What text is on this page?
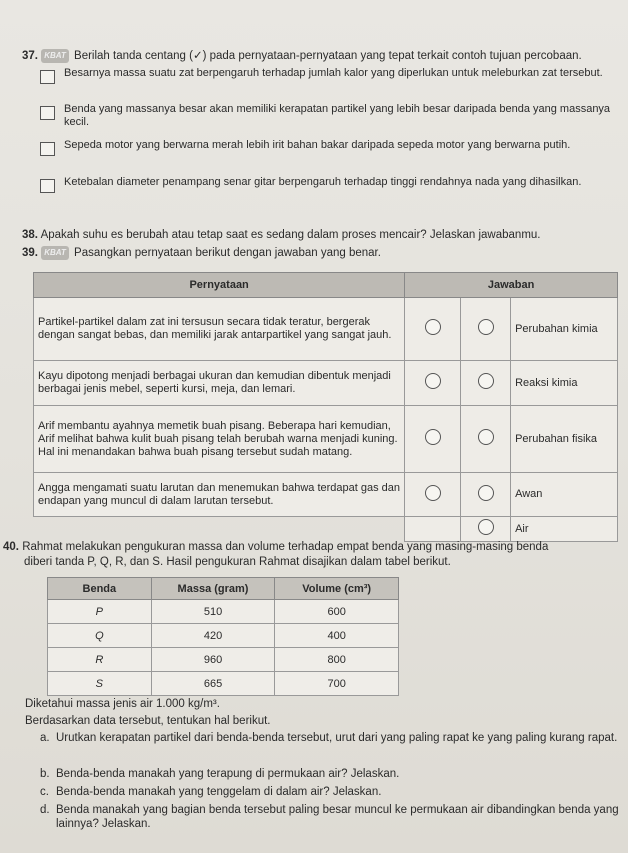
37. KBAT Berilah tanda centang (✓) pada pernyataan-pernyataan yang tepat terkait contoh tujuan percobaan.
Besarnya massa suatu zat berpengaruh terhadap jumlah kalor yang diperlukan untuk meleburkan zat tersebut.
Benda yang massanya besar akan memiliki kerapatan partikel yang lebih besar daripada benda yang massanya kecil.
Sepeda motor yang berwarna merah lebih irit bahan bakar daripada sepeda motor yang berwarna putih.
Ketebalan diameter penampang senar gitar berpengaruh terhadap tinggi rendahnya nada yang dihasilkan.
38. Apakah suhu es berubah atau tetap saat es sedang dalam proses mencair? Jelaskan jawabanmu.
39. KBAT Pasangkan pernyataan berikut dengan jawaban yang benar.
Pernyataan	Jawaban		
Partikel-partikel dalam zat ini tersusun secara tidak teratur, bergerak dengan sangat bebas, dan memiliki jarak antarpartikel yang sangat jauh.			Perubahan kimia
Kayu dipotong menjadi berbagai ukuran dan kemudian dibentuk menjadi berbagai jenis mebel, seperti kursi, meja, dan lemari.			Reaksi kimia
Arif membantu ayahnya memetik buah pisang. Beberapa hari kemudian, Arif melihat bahwa kulit buah pisang telah berubah warna menjadi kuning. Hal ini menandakan bahwa buah pisang tersebut sudah matang.			Perubahan fisika
Angga mengamati suatu larutan dan menemukan bahwa terdapat gas dan endapan yang muncul di dalam larutan tersebut.			Awan
			Air
40. Rahmat melakukan pengukuran massa dan volume terhadap empat benda yang masing-masing benda
diberi tanda P, Q, R, dan S. Hasil pengukuran Rahmat disajikan dalam tabel berikut.
Benda	Massa (gram)	Volume (cm³)
P	510	600
Q	420	400
R	960	800
S	665	700
Diketahui massa jenis air 1.000 kg/m³.
Berdasarkan data tersebut, tentukan hal berikut.
a. Urutkan kerapatan partikel dari benda-benda tersebut, urut dari yang paling rapat ke yang paling kurang rapat.
b. Benda-benda manakah yang terapung di permukaan air? Jelaskan.
c. Benda-benda manakah yang tenggelam di dalam air? Jelaskan.
d. Benda manakah yang bagian benda tersebut paling besar muncul ke permukaan air dibandingkan benda yang lainnya? Jelaskan.
